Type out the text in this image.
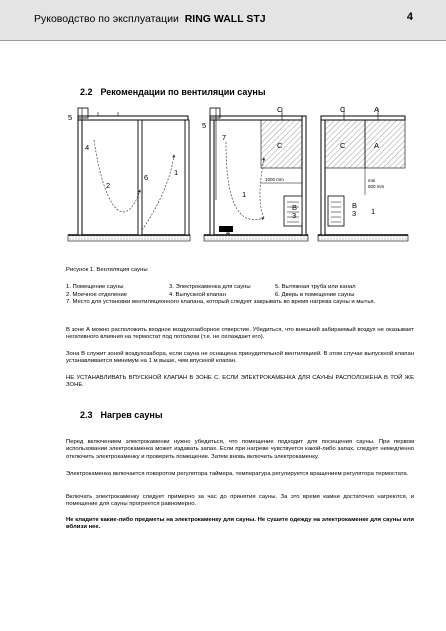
Руководство по эксплуатации RING WALL STJ	4
2.2 Рекомендации по вентиляции сауны
5
4
2
6
1
5
7
C
C
1000 mm
1
B
3
4
C	A
C	A
min
500 mm
B
3 1
Рисунок 1. Вентиляция сауны
1. Помещение сауны	3. Электрокаменка для сауны	5. Вытяжная труба или канал
2. Моечное отделение	4. Выпускной клапан	6. Дверь в помещение сауны

7. Место для установки вентиляционного клапана, который следует закрывать во время нагрева сауны и мытья.

В зоне А можно расположить входное воздухозаборное отверстие. Убедиться, что внешний забираемый воздух не оказывает негативного влияния на термостат под потолком (т.е. не охлаждает его).

Зона В служит зоной воздухозабора, если сауна не оснащена принудительной вентиляцией. В этом случае выпускной клапан устанавливается минимум на 1 м выше, чем впускной клапан.

НЕ УСТАНАВЛИВАТЬ ВПУСКНОЙ КЛАПАН В ЗОНЕ C. ЕСЛИ ЭЛЕКТРОКАМЕНКА ДЛЯ САУНЫ РАСПОЛОЖЕНА В ТОЙ ЖЕ ЗОНЕ.

2.3 Нагрев сауны

Перед включением электрокаменки нужно убедиться, что помещение подходит для посещения сауны. При первом использовании электрокаменка может издавать запах. Если при нагреве чувствуется какой-либо запах, следует немедленно отключить электрокаменку и проверить помещение. Затем вновь включить электрокаменку.

Электрокаменка включается поворотом регулятора таймера, температура регулируется вращением регулятора термостата.

Включать электрокаменку следует примерно за час до принятия сауны. За это время камни достаточно нагреются, и помещение для сауны прогреется равномерно.

Не кладите какие-либо предметы на электрокаменку для сауны. Не сушите одежду на электрокаменке для сауны или вблизи нее.
